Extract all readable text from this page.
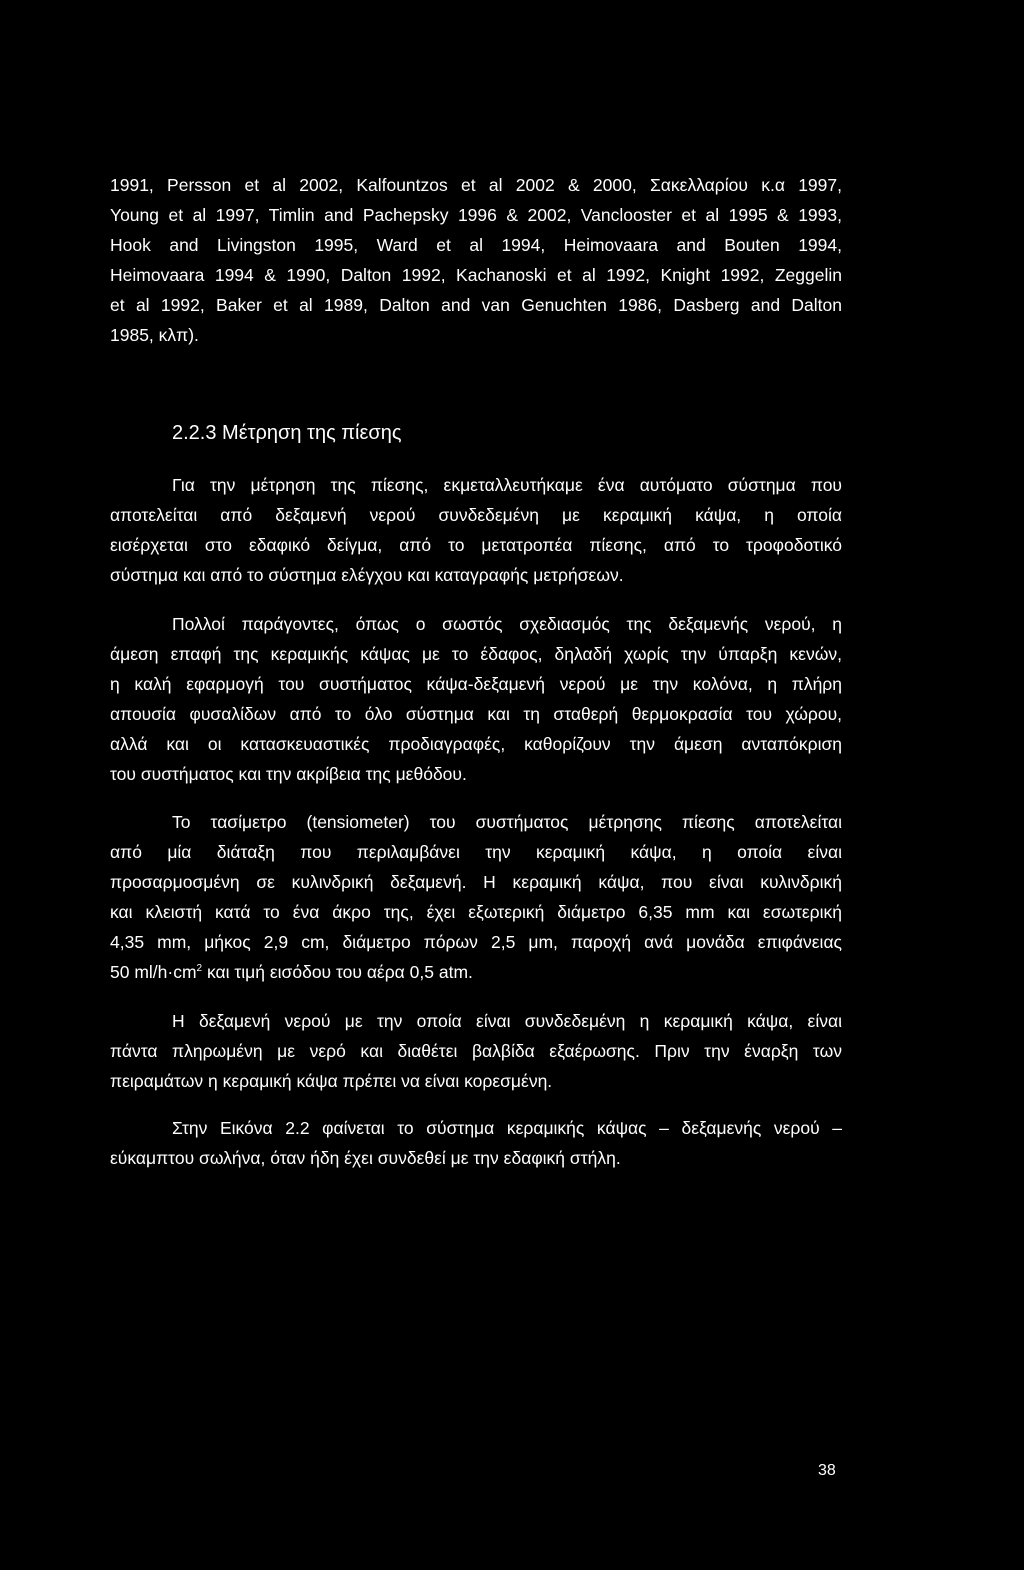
1991, Persson et al 2002, Kalfountzos et al 2002 & 2000, Σακελλαρίου κ.α 1997,
Young et al 1997, Timlin and Pachepsky 1996 & 2002, Vanclooster et al 1995 & 1993,
Hook and Livingston 1995, Ward et al 1994, Heimovaara and Bouten 1994,
Heimovaara 1994 & 1990, Dalton 1992, Kachanoski et al 1992, Knight 1992, Zeggelin
et al 1992, Baker et al 1989, Dalton and van Genuchten 1986, Dasberg and Dalton
1985, κλπ).
2.2.3 Μέτρηση της πίεσης
Για την μέτρηση της πίεσης, εκμεταλλευτήκαμε ένα αυτόματο σύστημα που
αποτελείται από δεξαμενή νερού συνδεδεμένη με κεραμική κάψα, η οποία
εισέρχεται στο εδαφικό δείγμα, από το μετατροπέα πίεσης, από το τροφοδοτικό
σύστημα και από το σύστημα ελέγχου και καταγραφής μετρήσεων.
Πολλοί παράγοντες, όπως ο σωστός σχεδιασμός της δεξαμενής νερού, η
άμεση επαφή της κεραμικής κάψας με το έδαφος, δηλαδή χωρίς την ύπαρξη κενών,
η καλή εφαρμογή του συστήματος κάψα-δεξαμενή νερού με την κολόνα, η πλήρη
απουσία φυσαλίδων από το όλο σύστημα και τη σταθερή θερμοκρασία του χώρου,
αλλά και οι κατασκευαστικές προδιαγραφές, καθορίζουν την άμεση ανταπόκριση
του συστήματος και την ακρίβεια της μεθόδου.
Το τασίμετρο (tensiometer) του συστήματος μέτρησης πίεσης αποτελείται
από μία διάταξη που περιλαμβάνει την κεραμική κάψα, η οποία είναι
προσαρμοσμένη σε κυλινδρική δεξαμενή. Η κεραμική κάψα, που είναι κυλινδρική
και κλειστή κατά το ένα άκρο της, έχει εξωτερική διάμετρο 6,35 mm και εσωτερική
4,35 mm, μήκος 2,9 cm, διάμετρο πόρων 2,5 μm, παροχή ανά μονάδα επιφάνειας
50 $ml/h\cdot cm^2$ και τιμή εισόδου του αέρα 0,5 atm.
Η δεξαμενή νερού με την οποία είναι συνδεδεμένη η κεραμική κάψα, είναι
πάντα πληρωμένη με νερό και διαθέτει βαλβίδα εξαέρωσης. Πριν την έναρξη των
πειραμάτων η κεραμική κάψα πρέπει να είναι κορεσμένη.
Στην Εικόνα 2.2 φαίνεται το σύστημα κεραμικής κάψας – δεξαμενής νερού –
εύκαμπτου σωλήνα, όταν ήδη έχει συνδεθεί με την εδαφική στήλη.
38
